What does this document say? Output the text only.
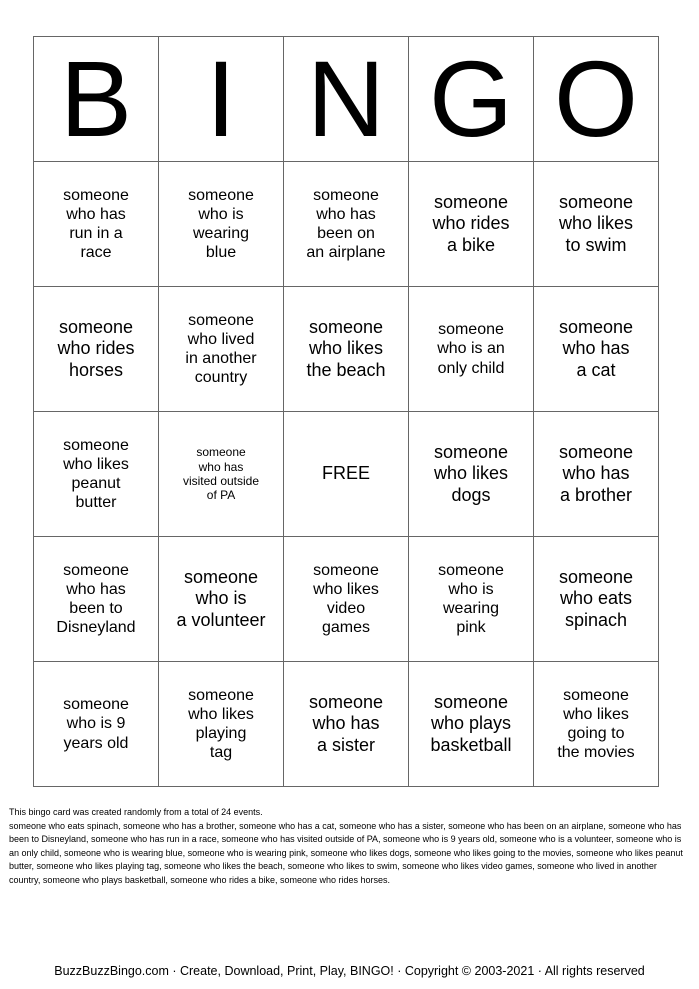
B	I	N	G	O
someone
who has
run in a
race	someone
who is
wearing
blue	someone
who has
been on
an airplane	someone
who rides
a bike	someone
who likes
to swim
someone
who rides
horses	someone
who lived
in another
country	someone
who likes
the beach	someone
who is an
only child	someone
who has
a cat
someone
who likes
peanut
butter	someone
who has
visited outside
of PA	FREE	someone
who likes
dogs	someone
who has
a brother
someone
who has
been to
Disneyland	someone
who is
a volunteer	someone
who likes
video
games	someone
who is
wearing
pink	someone
who eats
spinach
someone
who is 9
years old	someone
who likes
playing
tag	someone
who has
a sister	someone
who plays
basketball	someone
who likes
going to
the movies
This bingo card was created randomly from a total of 24 events.
someone who eats spinach, someone who has a brother, someone who has a cat, someone who has a sister, someone who has been on an airplane, someone who has been to Disneyland, someone who has run in a race, someone who has visited outside of PA, someone who is 9 years old, someone who is a volunteer, someone who is an only child, someone who is wearing blue, someone who is wearing pink, someone who likes dogs, someone who likes going to the movies, someone who likes peanut butter, someone who likes playing tag, someone who likes the beach, someone who likes to swim, someone who likes video games, someone who lived in another country, someone who plays basketball, someone who rides a bike, someone who rides horses.
BuzzBuzzBingo.com · Create, Download, Print, Play, BINGO! · Copyright © 2003-2021 · All rights reserved
